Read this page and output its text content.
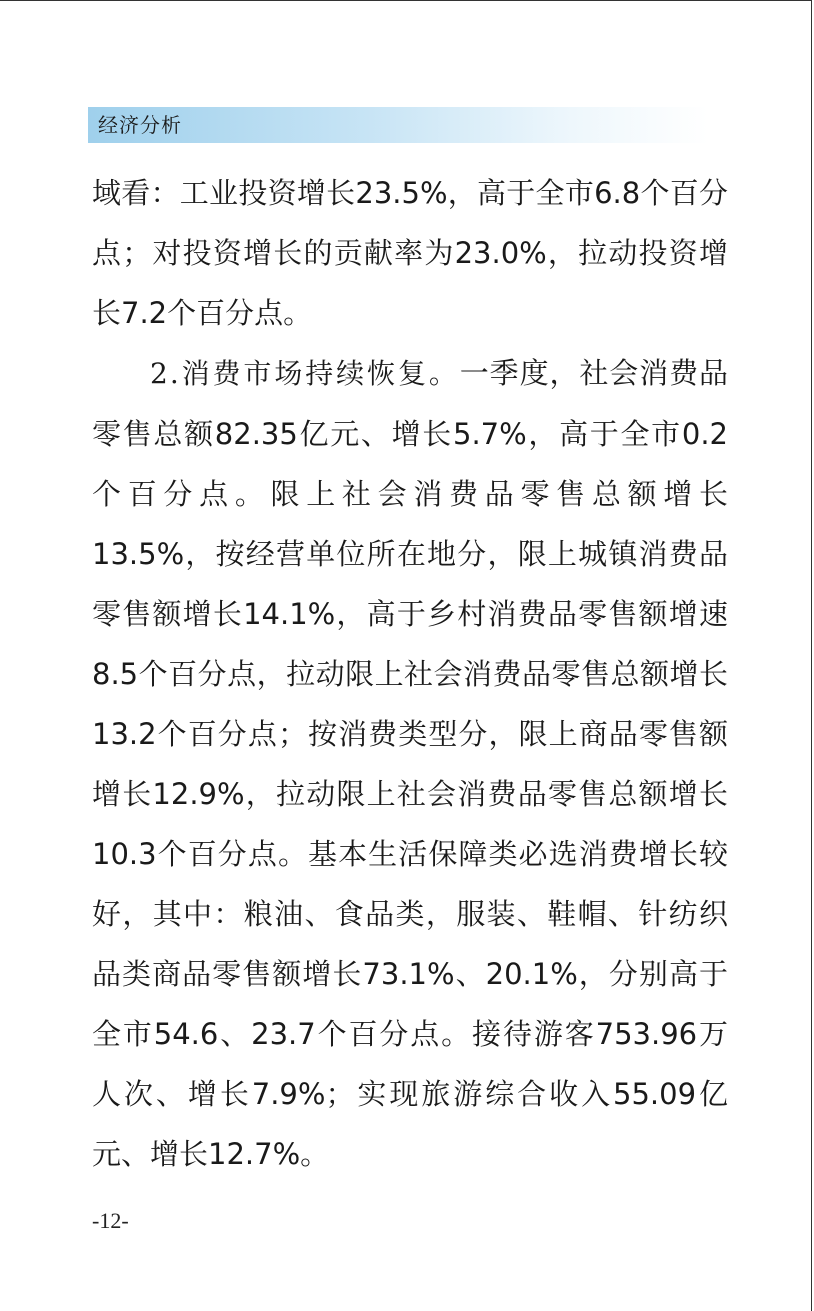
经济分析

域看：工业投资增长23.5%，高于全市6.8个百分点；对投资增长的贡献率为23.0%，拉动投资增长7.2个百分点。

2.消费市场持续恢复。一季度，社会消费品零售总额82.35亿元、增长5.7%，高于全市0.2个百分点。限上社会消费品零售总额增长13.5%，按经营单位所在地分，限上城镇消费品零售额增长14.1%，高于乡村消费品零售额增速8.5个百分点，拉动限上社会消费品零售总额增长13.2个百分点；按消费类型分，限上商品零售额增长12.9%，拉动限上社会消费品零售总额增长10.3个百分点。基本生活保障类必选消费增长较好，其中：粮油、食品类，服装、鞋帽、针纺织品类商品零售额增长73.1%、20.1%，分别高于全市54.6、23.7个百分点。接待游客753.96万人次、增长7.9%；实现旅游综合收入55.09亿元、增长12.7%。

-12-
